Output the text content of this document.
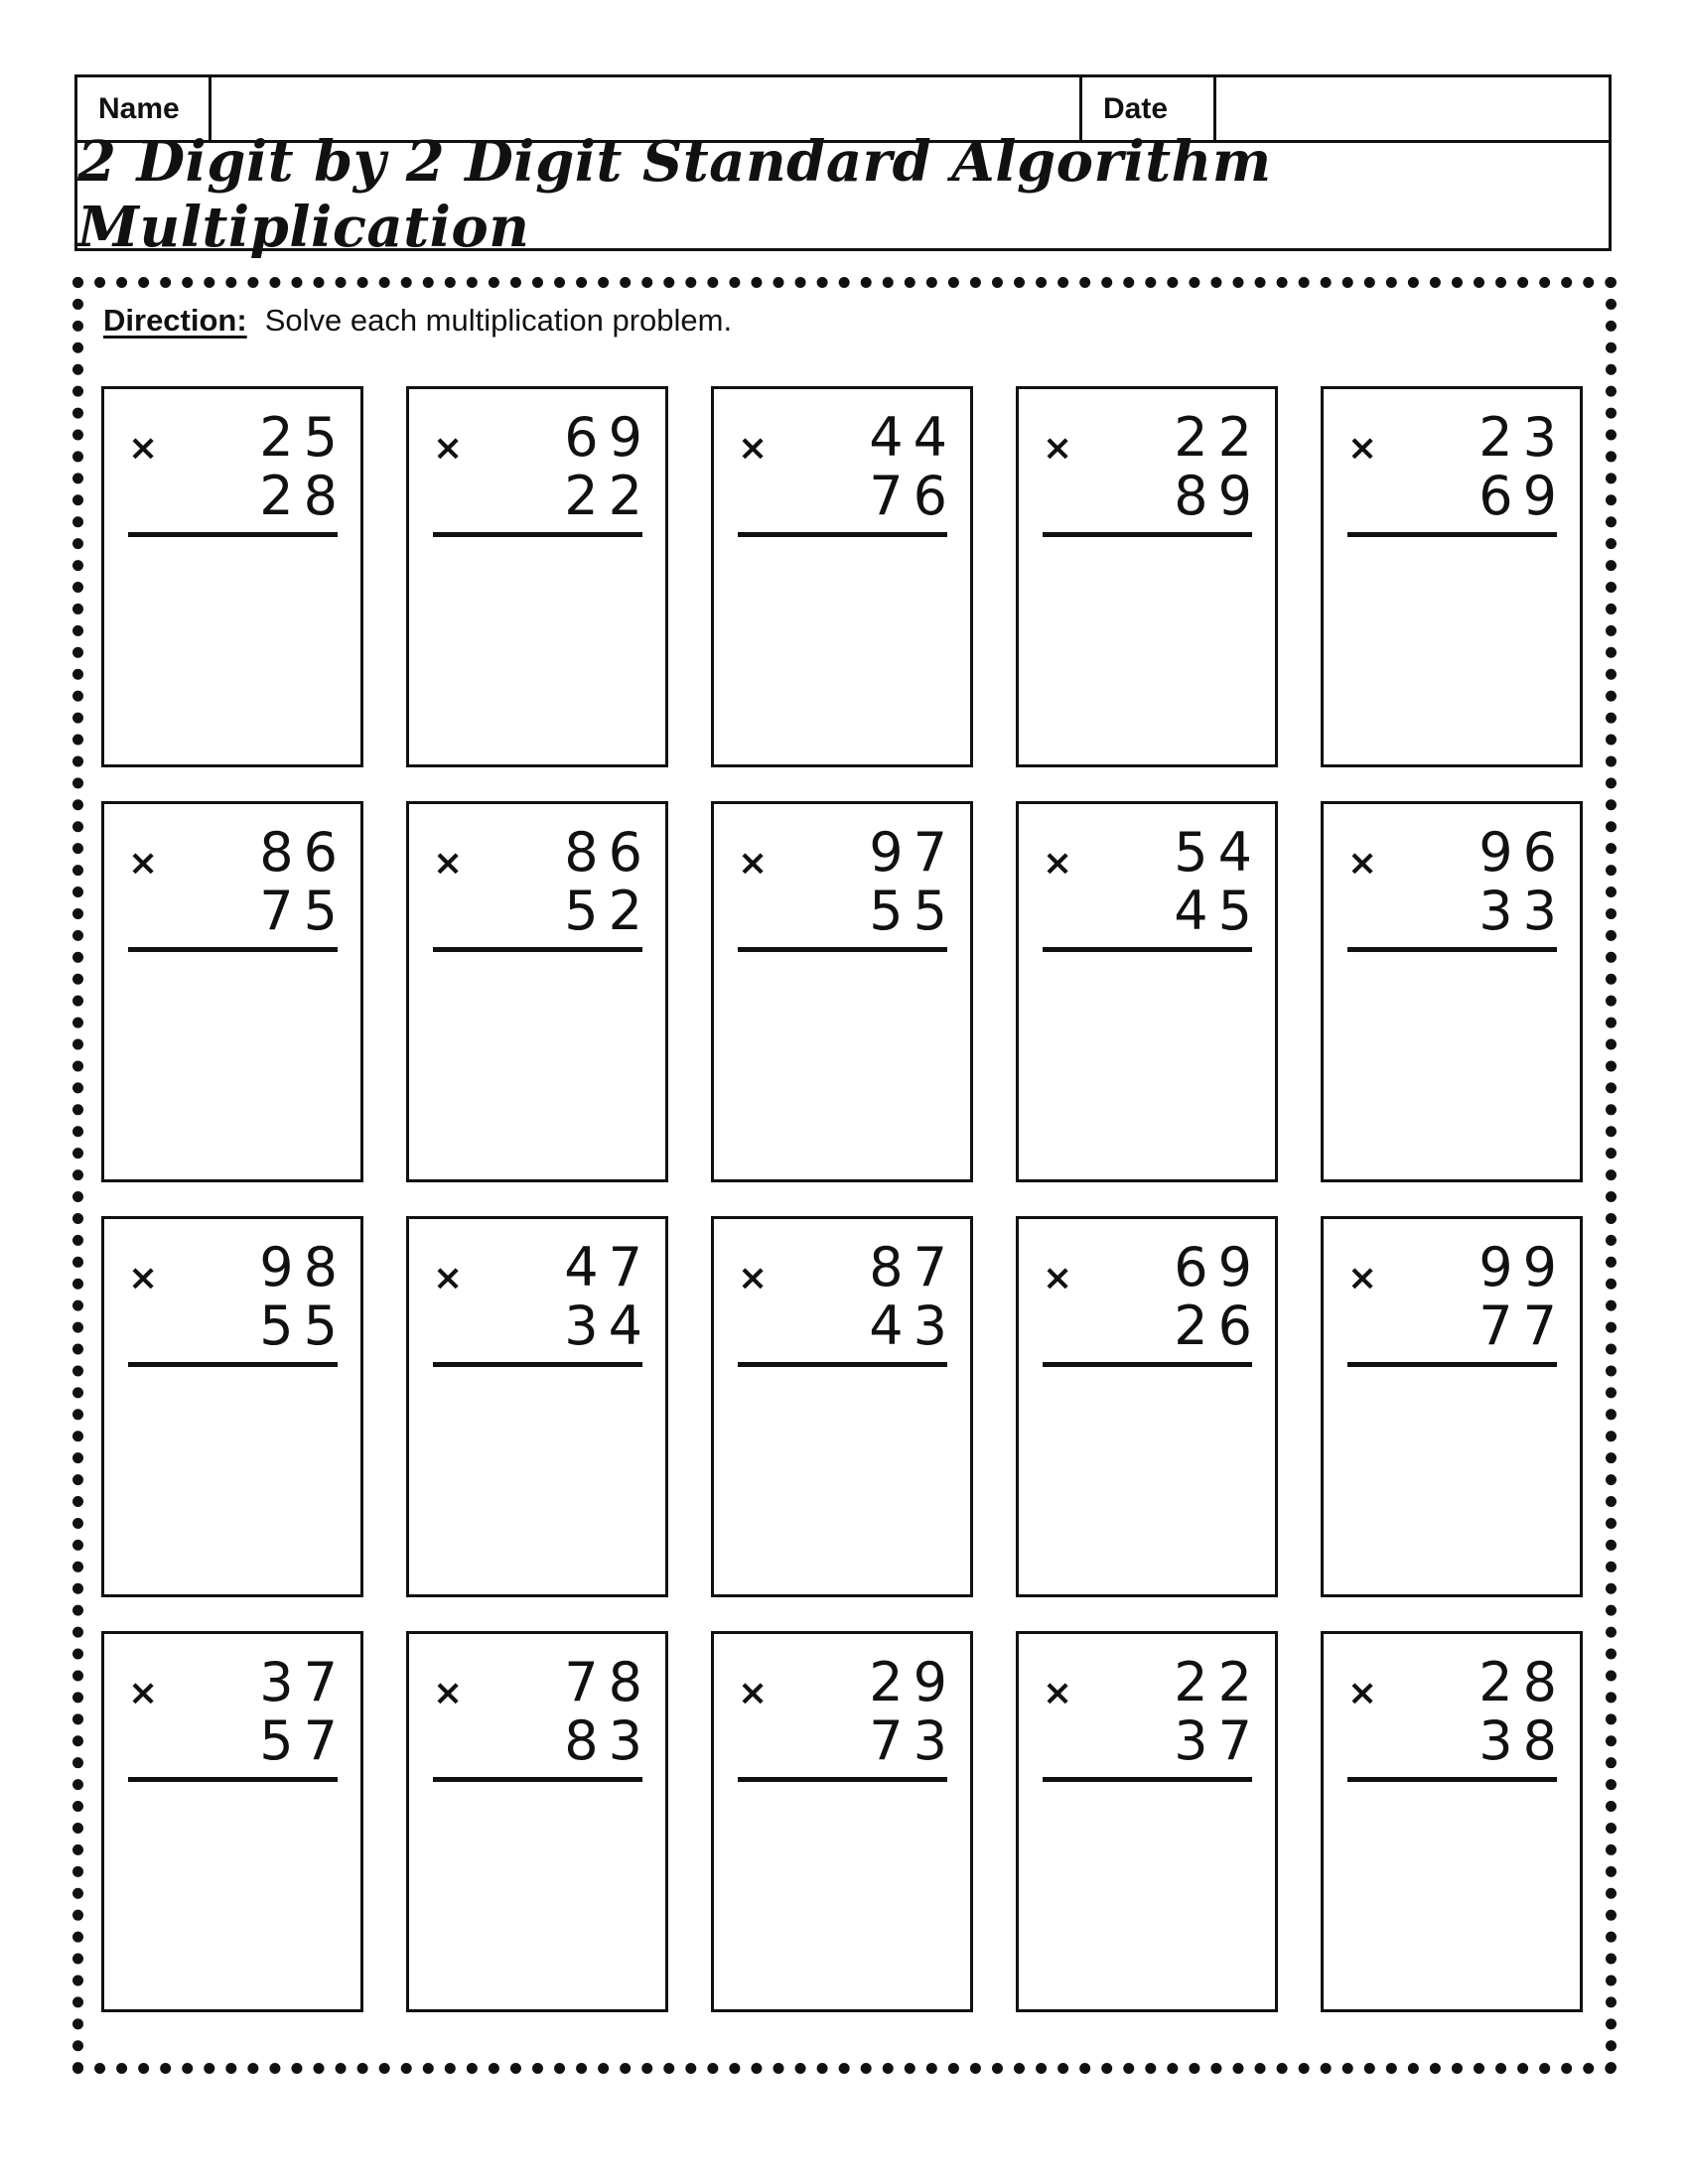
Name	Date
2 Digit by 2 Digit Standard Algorithm Multiplication
Direction: Solve each multiplication problem.
× 25
28
× 69
22
× 44
76
× 22
89
× 23
69
× 86
75
× 86
52
× 97
55
× 54
45
× 96
33
× 98
55
× 47
34
× 87
43
× 69
26
× 99
77
× 37
57
× 78
83
× 29
73
× 22
37
× 28
38
